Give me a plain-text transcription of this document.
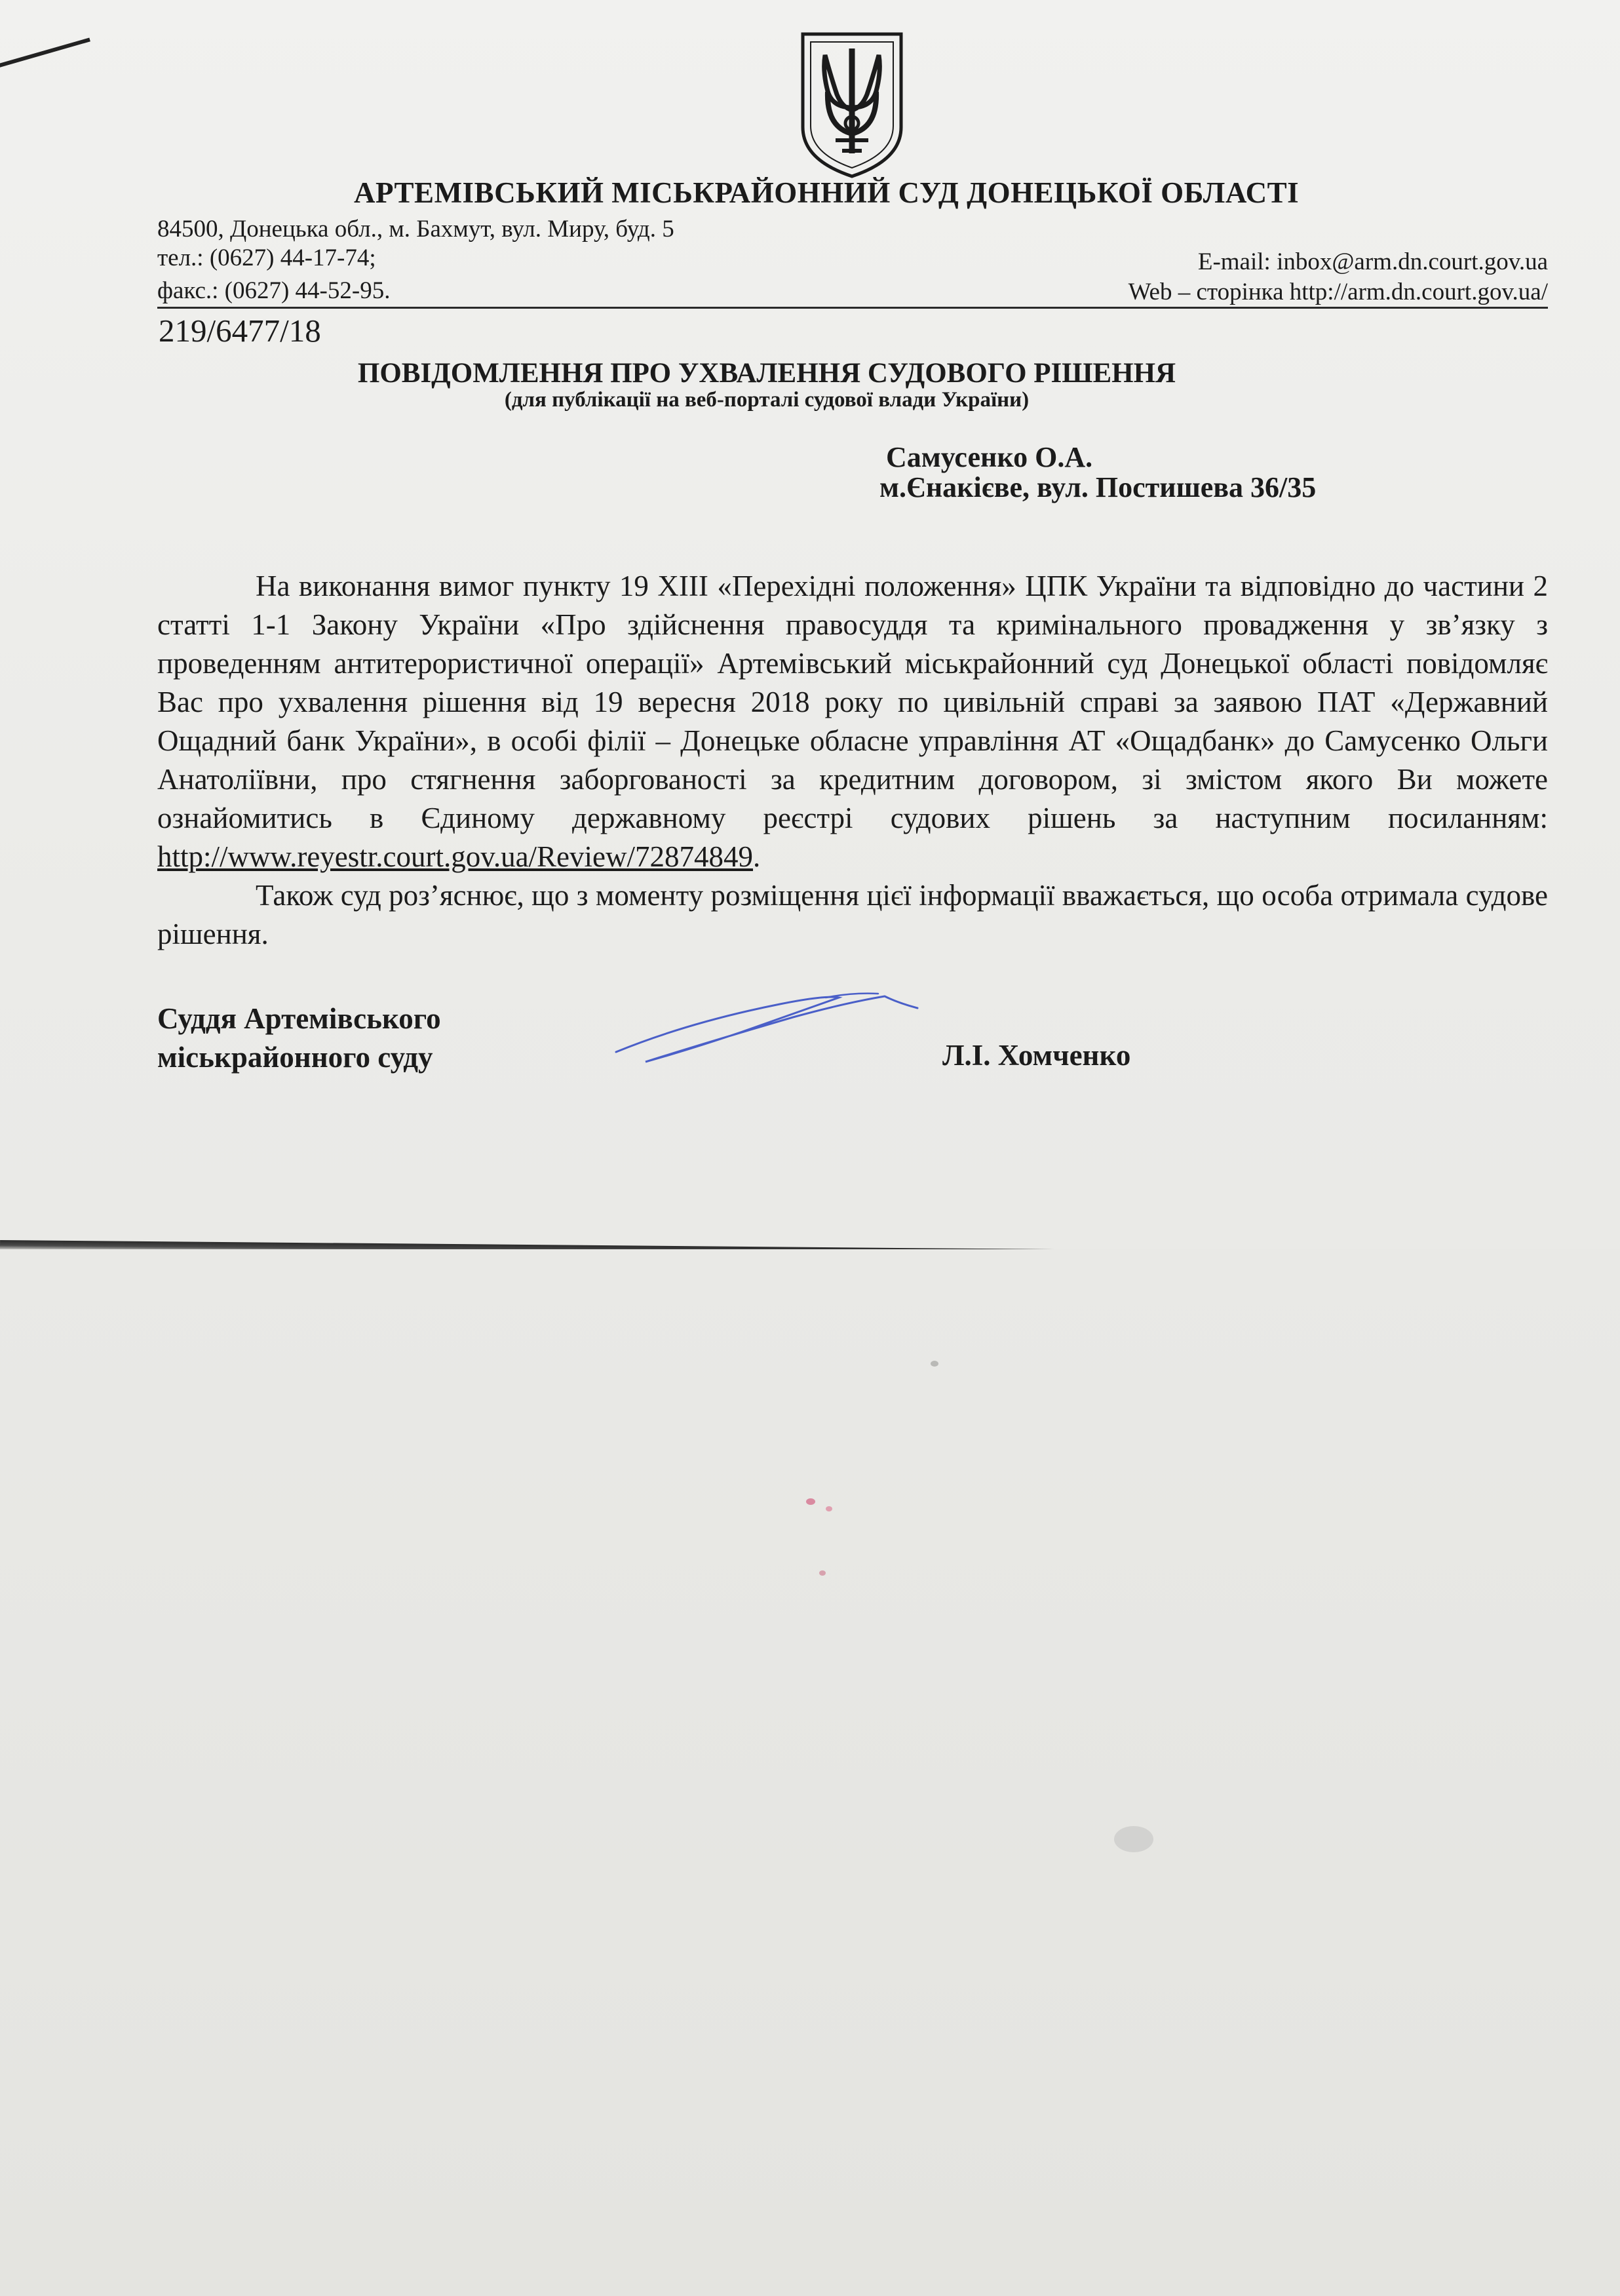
АРТЕМІВСЬКИЙ МІСЬКРАЙОННИЙ СУД ДОНЕЦЬКОЇ ОБЛАСТІ
84500, Донецька обл., м. Бахмут, вул. Миру, буд. 5
тел.: (0627) 44-17-74;
факс.: (0627) 44-52-95.
E-mail: inbox@arm.dn.court.gov.ua
Web – сторінка http://arm.dn.court.gov.ua/
219/6477/18
ПОВІДОМЛЕННЯ ПРО УХВАЛЕННЯ СУДОВОГО РІШЕННЯ
(для публікації на веб-порталі судової влади України)
Самусенко О.А.
м.Єнакієве, вул. Постишева 36/35

На виконання вимог пункту 19 XIII «Перехідні положення» ЦПК України та відповідно до частини 2 статті 1-1 Закону України «Про здійснення правосуддя та кримінального провадження у зв’язку з проведенням антитерористичної операції» Артемівський міськрайонний суд Донецької області повідомляє Вас про ухвалення рішення від 19 вересня 2018 року по цивільній справі за заявою ПАТ «Державний Ощадний банк України», в особі філії – Донецьке обласне управління АТ «Ощадбанк» до Самусенко Ольги Анатоліївни, про стягнення заборгованості за кредитним договором, зі змістом якого Ви можете ознайомитись в Єдиному державному реєстрі судових рішень за наступним посиланням: http://www.reyestr.court.gov.ua/Review/72874849.

Також суд роз’яснює, що з моменту розміщення цієї інформації вважається, що особа отримала судове рішення.

Суддя Артемівського
міськрайонного суду	Л.І. Хомченко
